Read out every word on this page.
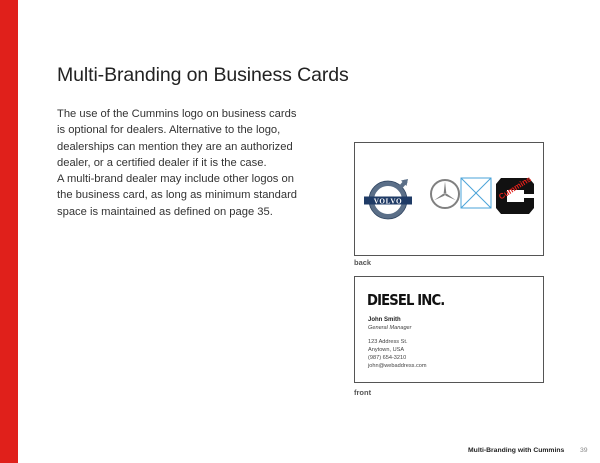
Multi-Branding on Business Cards

The use of the Cummins logo on business cards is optional for dealers. Alternative to the logo, dealerships can mention they are an authorized dealer, or a certified dealer if it is the case.

A multi-brand dealer may include other logos on the business card, as long as minimum standard space is maintained as defined on page 35.

VOLVO	Cummins
back
DIESEL INC.
John Smith
General Manager
123 Address St.
Anytown, USA
(987) 654-3210
john@webaddress.com
front
Multi-Branding with Cummins 39
